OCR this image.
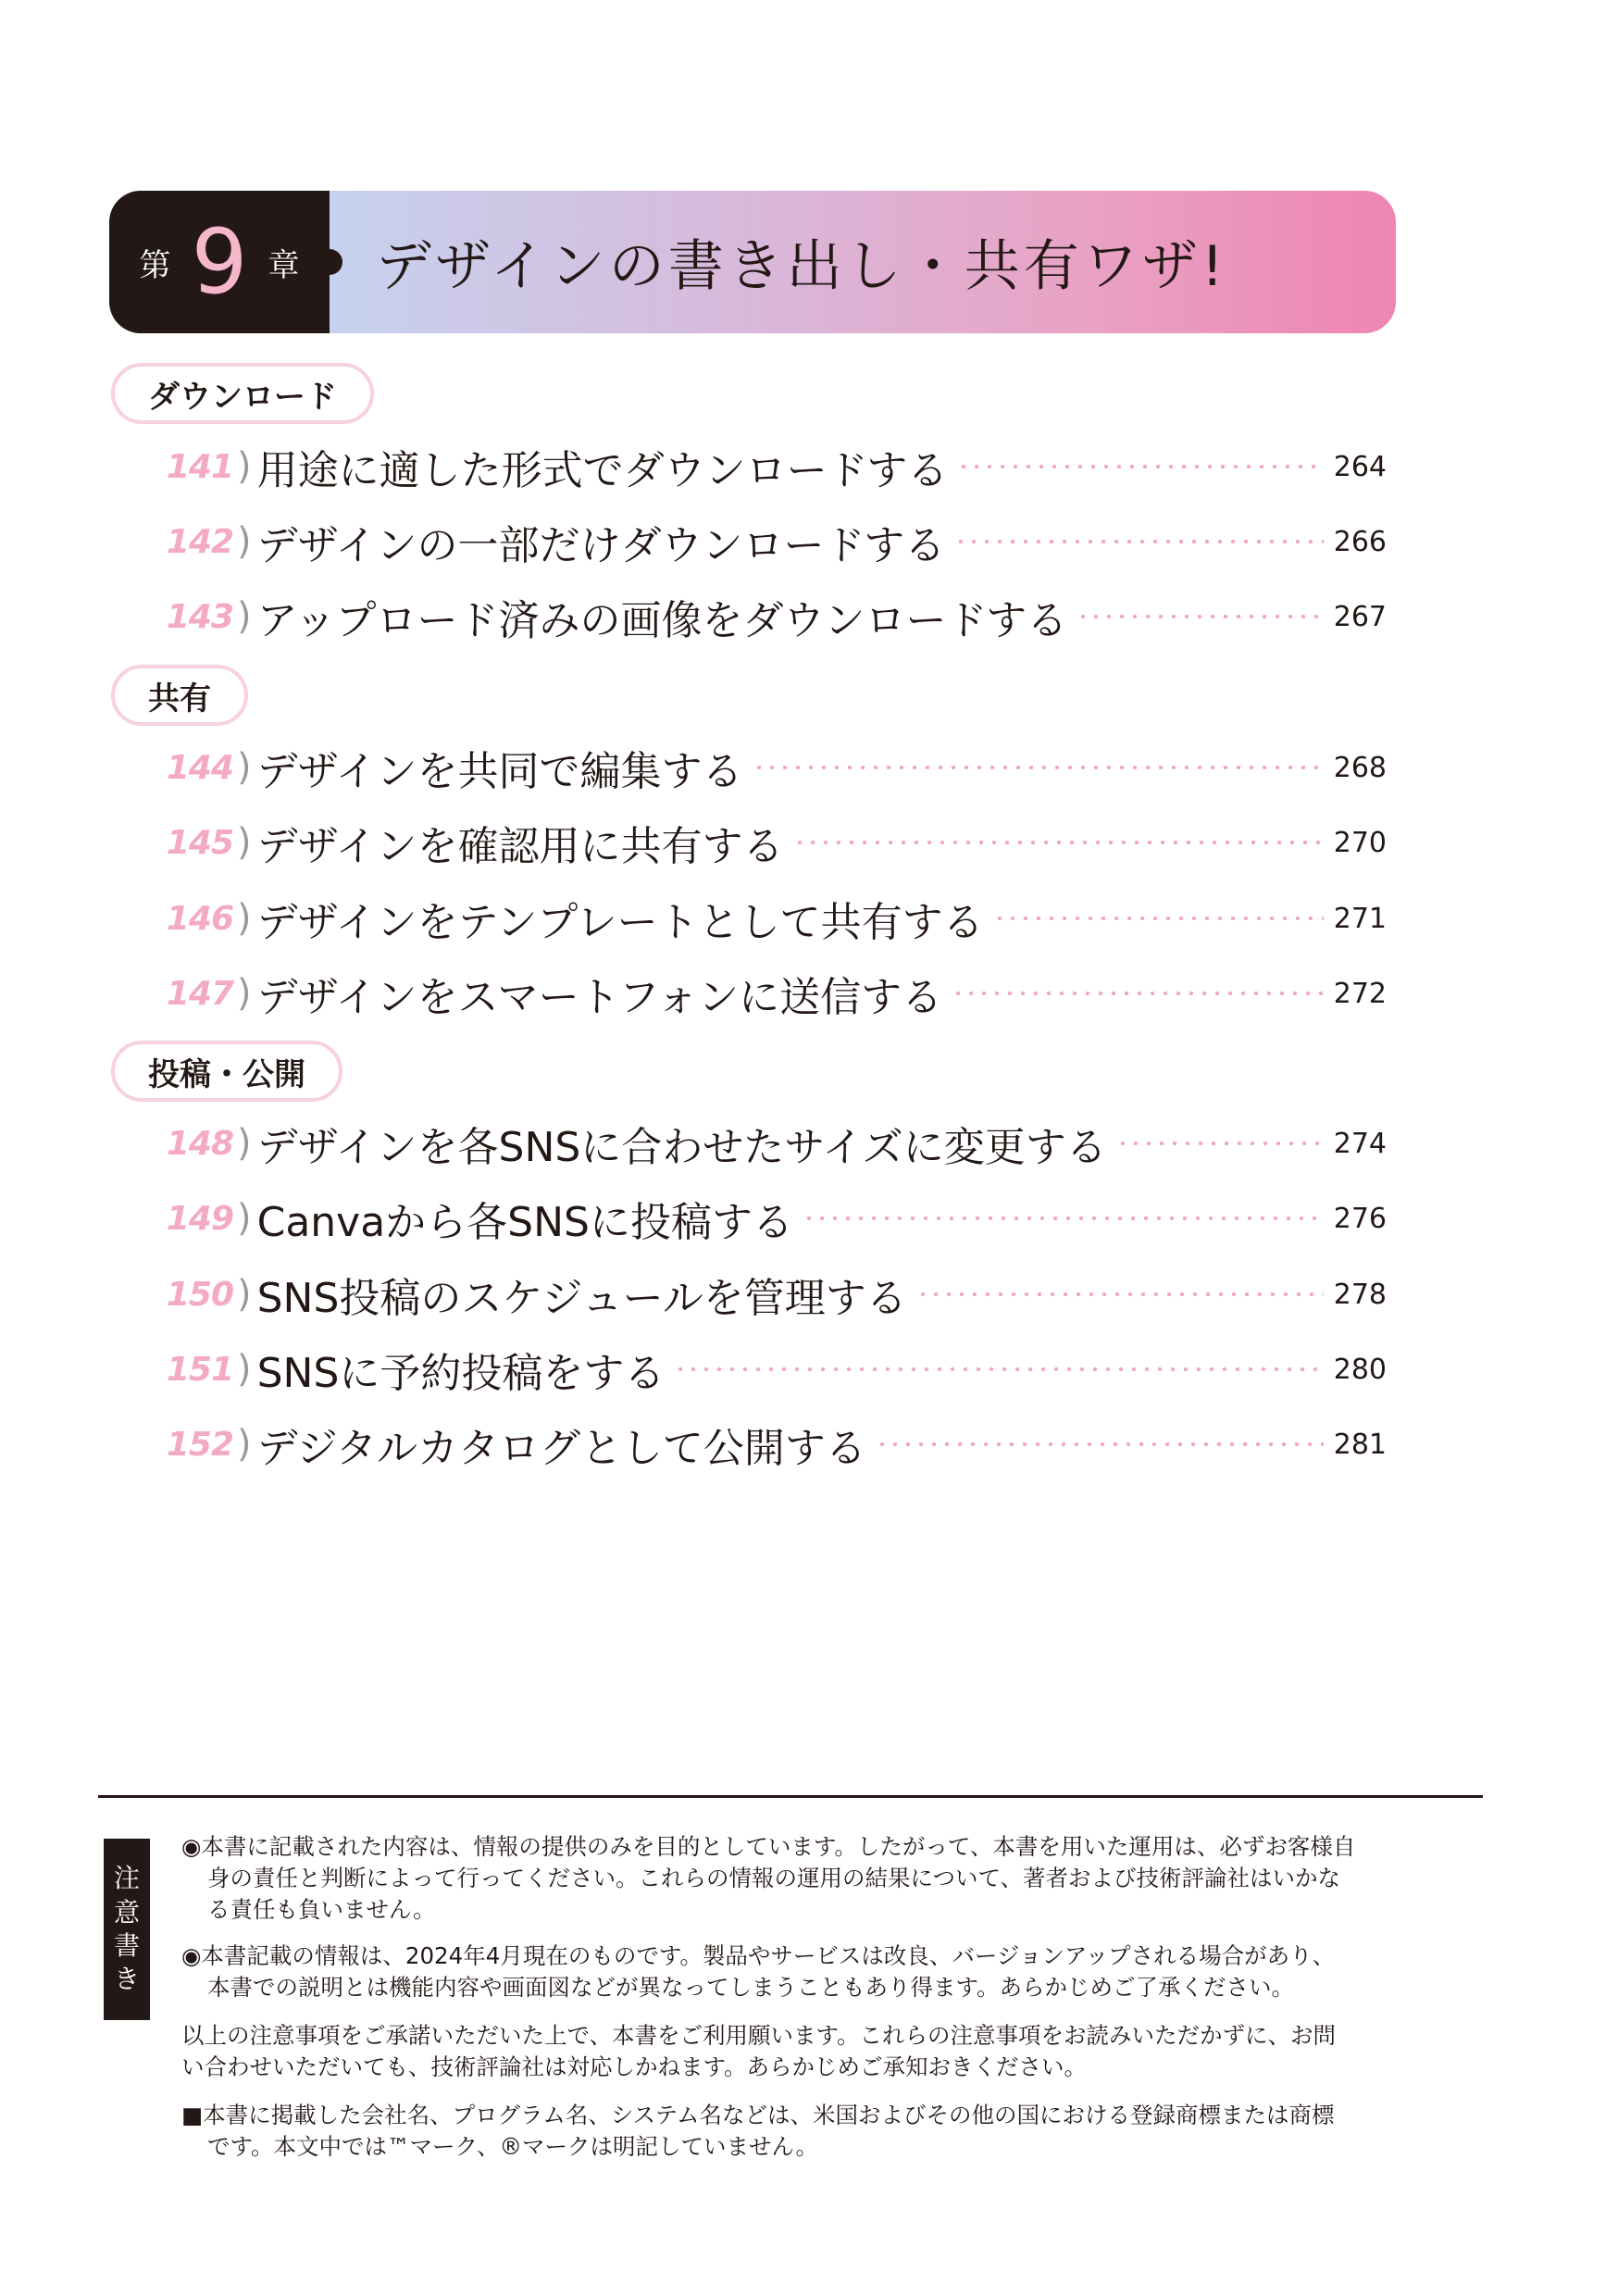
第 9 章 デザインの書き出し・共有ワザ!
ダウンロード
141 ) 用途に適した形式でダウンロードする	264
142 ) デザインの一部だけダウンロードする	266
143 ) アップロード済みの画像をダウンロードする	267
共有
144 ) デザインを共同で編集する	268
145 ) デザインを確認用に共有する	270
146 ) デザインをテンプレートとして共有する	271
147 ) デザインをスマートフォンに送信する	272
投稿・公開
148 ) デザインを各SNSに合わせたサイズに変更する	274
149 ) Canvaから各SNSに投稿する	276
150 ) SNS投稿のスケジュールを管理する	278
151 ) SNSに予約投稿をする	280
152 ) デジタルカタログとして公開する	281
注
意
書
き
◉本書に記載された内容は、情報の提供のみを目的としています。したがって、本書を用いた運用は、必ずお客様自
身の責任と判断によって行ってください。これらの情報の運用の結果について、著者および技術評論社はいかな
る責任も負いません。
◉本書記載の情報は、2024年4月現在のものです。製品やサービスは改良、バージョンアップされる場合があり、
本書での説明とは機能内容や画面図などが異なってしまうこともあり得ます。あらかじめご了承ください。
以上の注意事項をご承諾いただいた上で、本書をご利用願います。これらの注意事項をお読みいただかずに、お問
い合わせいただいても、技術評論社は対応しかねます。あらかじめご承知おきください。
■本書に掲載した会社名、プログラム名、システム名などは、米国およびその他の国における登録商標または商標
です。本文中では™マーク、®マークは明記していません。
